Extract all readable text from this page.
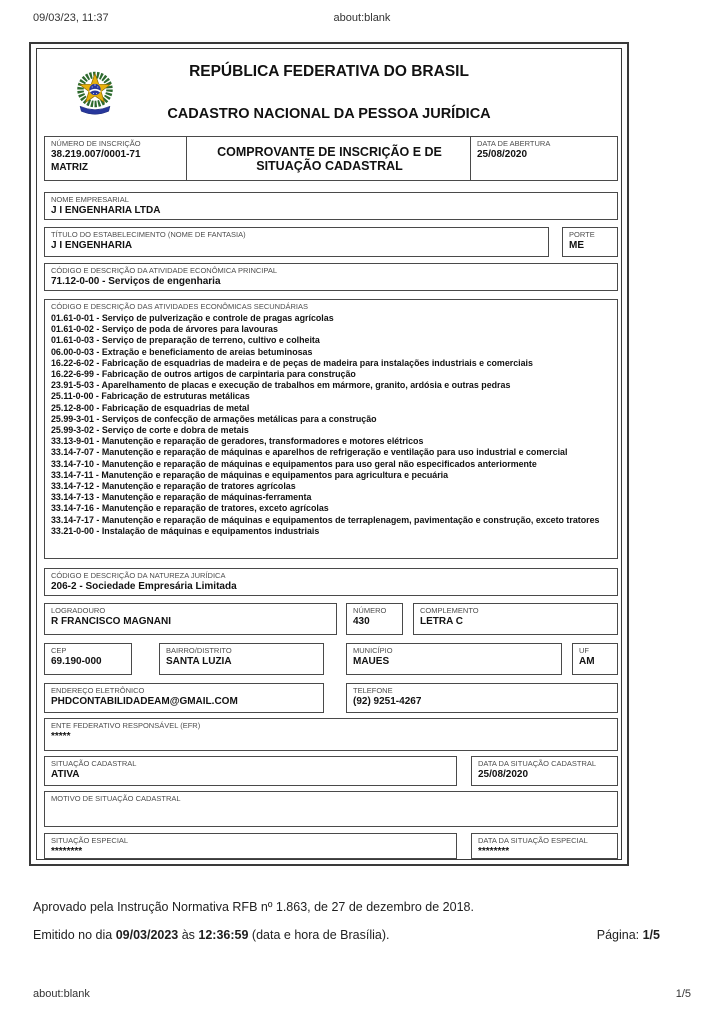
09/03/23, 11:37	about:blank
about:blank	1/5
REPÚBLICA FEDERATIVA DO BRASIL
CADASTRO NACIONAL DA PESSOA JURÍDICA
NÚMERO DE INSCRIÇÃO
38.219.007/0001-71
MATRIZ
COMPROVANTE DE INSCRIÇÃO E DE SITUAÇÃO CADASTRAL
DATA DE ABERTURA
25/08/2020
NOME EMPRESARIAL
J I ENGENHARIA LTDA
TÍTULO DO ESTABELECIMENTO (NOME DE FANTASIA)
J I ENGENHARIA
PORTE
ME
CÓDIGO E DESCRIÇÃO DA ATIVIDADE ECONÔMICA PRINCIPAL
71.12-0-00 - Serviços de engenharia
CÓDIGO E DESCRIÇÃO DAS ATIVIDADES ECONÔMICAS SECUNDÁRIAS
01.61-0-01 - Serviço de pulverização e controle de pragas agrícolas
01.61-0-02 - Serviço de poda de árvores para lavouras
01.61-0-03 - Serviço de preparação de terreno, cultivo e colheita
06.00-0-03 - Extração e beneficiamento de areias betuminosas
16.22-6-02 - Fabricação de esquadrias de madeira e de peças de madeira para instalações industriais e comerciais
16.22-6-99 - Fabricação de outros artigos de carpintaria para construção
23.91-5-03 - Aparelhamento de placas e execução de trabalhos em mármore, granito, ardósia e outras pedras
25.11-0-00 - Fabricação de estruturas metálicas
25.12-8-00 - Fabricação de esquadrias de metal
25.99-3-01 - Serviços de confecção de armações metálicas para a construção
25.99-3-02 - Serviço de corte e dobra de metais
33.13-9-01 - Manutenção e reparação de geradores, transformadores e motores elétricos
33.14-7-07 - Manutenção e reparação de máquinas e aparelhos de refrigeração e ventilação para uso industrial e comercial
33.14-7-10 - Manutenção e reparação de máquinas e equipamentos para uso geral não especificados anteriormente
33.14-7-11 - Manutenção e reparação de máquinas e equipamentos para agricultura e pecuária
33.14-7-12 - Manutenção e reparação de tratores agrícolas
33.14-7-13 - Manutenção e reparação de máquinas-ferramenta
33.14-7-16 - Manutenção e reparação de tratores, exceto agrícolas
33.14-7-17 - Manutenção e reparação de máquinas e equipamentos de terraplenagem, pavimentação e construção, exceto tratores
33.21-0-00 - Instalação de máquinas e equipamentos industriais
CÓDIGO E DESCRIÇÃO DA NATUREZA JURÍDICA
206-2 - Sociedade Empresária Limitada
LOGRADOURO
R FRANCISCO MAGNANI
NÚMERO
430
COMPLEMENTO
LETRA C
CEP
69.190-000
BAIRRO/DISTRITO
SANTA LUZIA
MUNICÍPIO
MAUES
UF
AM
ENDEREÇO ELETRÔNICO
PHDCONTABILIDADEAM@GMAIL.COM
TELEFONE
(92) 9251-4267
ENTE FEDERATIVO RESPONSÁVEL (EFR)
*****
SITUAÇÃO CADASTRAL
ATIVA
DATA DA SITUAÇÃO CADASTRAL
25/08/2020
MOTIVO DE SITUAÇÃO CADASTRAL
SITUAÇÃO ESPECIAL
********
DATA DA SITUAÇÃO ESPECIAL
********
Aprovado pela Instrução Normativa RFB nº 1.863, de 27 de dezembro de 2018.
Emitido no dia 09/03/2023 às 12:36:59 (data e hora de Brasília).	Página: 1/5
